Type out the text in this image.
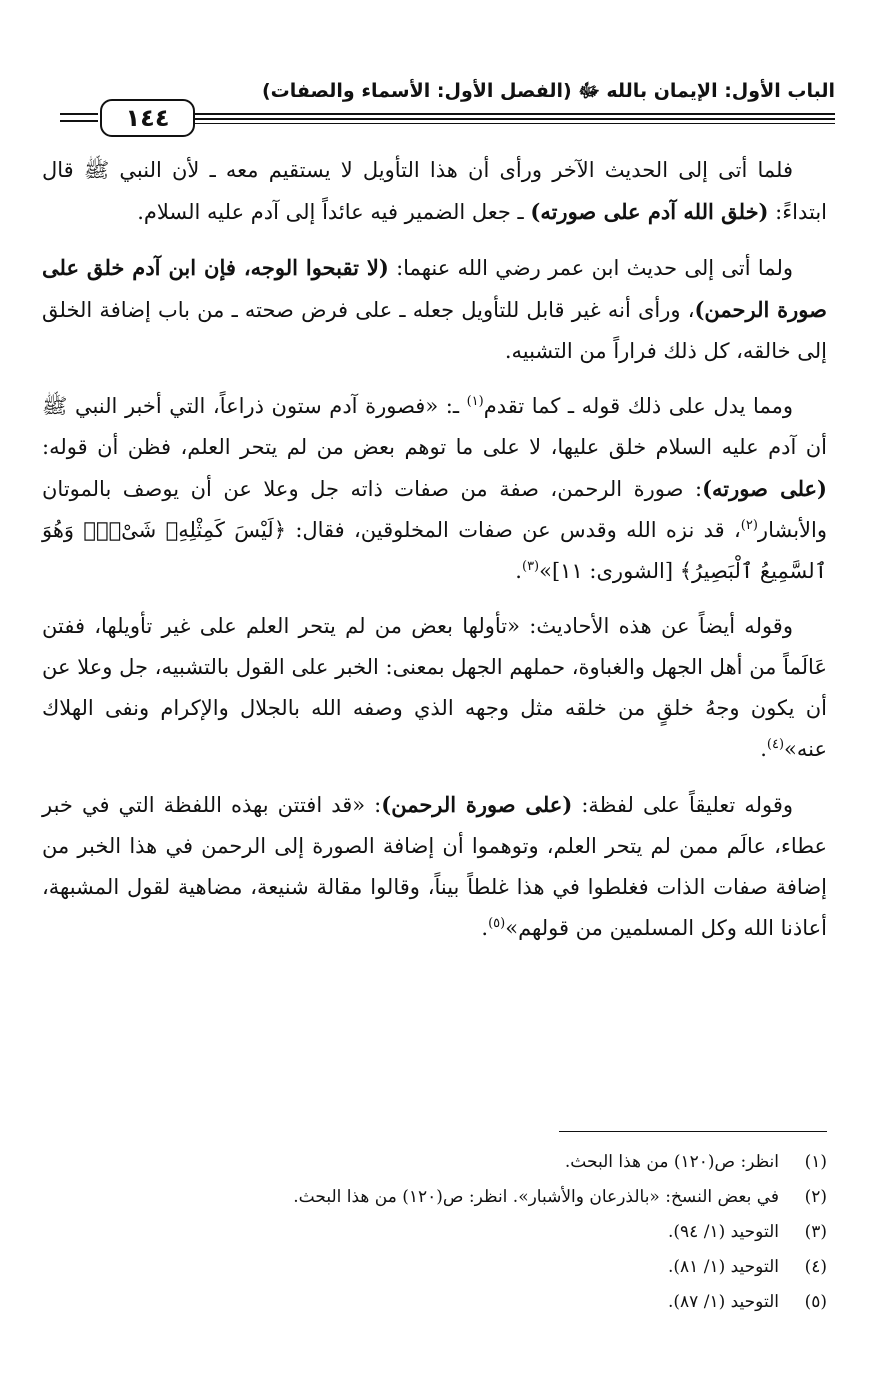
الباب الأول: الإيمان بالله ﷻ (الفصل الأول: الأسماء والصفات)
١٤٤

فلما أتى إلى الحديث الآخر ورأى أن هذا التأويل لا يستقيم معه ـ لأن النبي ﷺ قال ابتداءً: (خلق الله آدم على صورته) ـ جعل الضمير فيه عائداً إلى آدم عليه السلام.

ولما أتى إلى حديث ابن عمر رضي الله عنهما: (لا تقبحوا الوجه، فإن ابن آدم خلق على صورة الرحمن)، ورأى أنه غير قابل للتأويل جعله ـ على فرض صحته ـ من باب إضافة الخلق إلى خالقه، كل ذلك فراراً من التشبيه.

ومما يدل على ذلك قوله ـ كما تقدم$^{(١)}$ ـ: «فصورة آدم ستون ذراعاً، التي أخبر النبي ﷺ أن آدم عليه السلام خلق عليها، لا على ما توهم بعض من لم يتحر العلم، فظن أن قوله: (على صورته): صورة الرحمن، صفة من صفات ذاته جل وعلا عن أن يوصف بالموتان والأبشار$^{(٢)}$، قد نزه الله وقدس عن صفات المخلوقين، فقال: ﴿لَيْسَ كَمِثْلِهِۦ شَىْءٌۖ وَهُوَ ٱلسَّمِيعُ ٱلْبَصِيرُ﴾ [الشورى: ١١]»$^{(٣)}$.

وقوله أيضاً عن هذه الأحاديث: «تأولها بعض من لم يتحر العلم على غير تأويلها، ففتن عَالَماً من أهل الجهل والغباوة، حملهم الجهل بمعنى: الخبر على القول بالتشبيه، جل وعلا عن أن يكون وجهُ خلقٍ من خلقه مثل وجهه الذي وصفه الله بالجلال والإكرام ونفى الهلاك عنه»$^{(٤)}$.

وقوله تعليقاً على لفظة: (على صورة الرحمن): «قد افتتن بهذه اللفظة التي في خبر عطاء، عالَم ممن لم يتحر العلم، وتوهموا أن إضافة الصورة إلى الرحمن في هذا الخبر من إضافة صفات الذات فغلطوا في هذا غلطاً بيناً، وقالوا مقالة شنيعة، مضاهية لقول المشبهة، أعاذنا الله وكل المسلمين من قولهم»$^{(٥)}$.

(١)
انظر: ص(١٢٠) من هذا البحث.
(٢)
في بعض النسخ: «بالذرعان والأشبار». انظر: ص(١٢٠) من هذا البحث.
(٣)
التوحيد (١/ ٩٤).
(٤)
التوحيد (١/ ٨١).
(٥)
التوحيد (١/ ٨٧).
